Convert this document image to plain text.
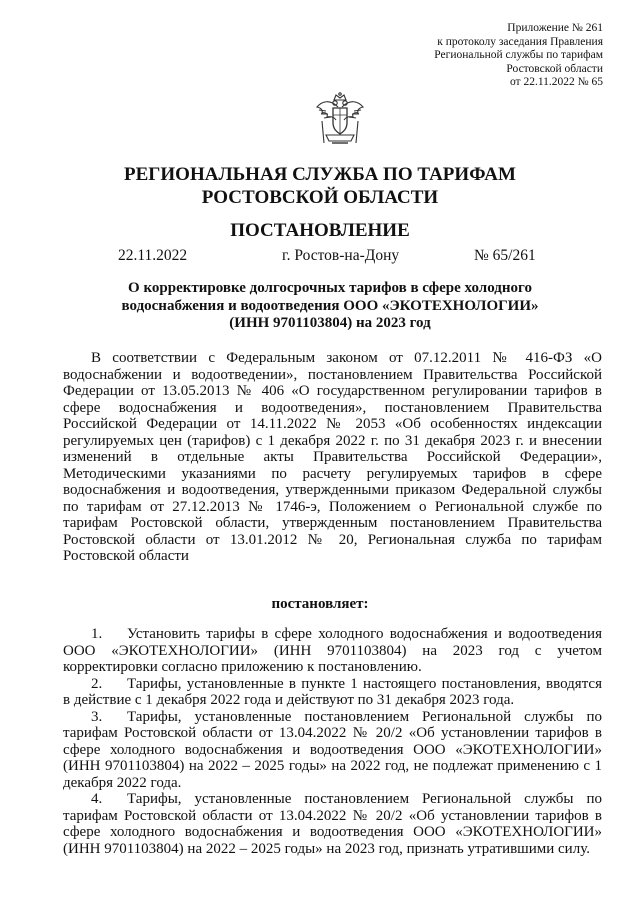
Приложение № 261
к протоколу заседания Правления
Региональной службы по тарифам
Ростовской области
от 22.11.2022 № 65
РЕГИОНАЛЬНАЯ СЛУЖБА ПО ТАРИФАМ
РОСТОВСКОЙ ОБЛАСТИ
ПОСТАНОВЛЕНИЕ
22.11.2022	г. Ростов-на-Дону	№ 65/261
О корректировке долгосрочных тарифов в сфере холодного
водоснабжения и водоотведения ООО «ЭКОТЕХНОЛОГИИ»
(ИНН 9701103804) на 2023 год

В соответствии с Федеральным законом от 07.12.2011 № 416-ФЗ «О водоснабжении и водоотведении», постановлением Правительства Российской Федерации от 13.05.2013 № 406 «О государственном регулировании тарифов в сфере водоснабжения и водоотведения», постановлением Правительства Российской Федерации от 14.11.2022 № 2053 «Об особенностях индексации регулируемых цен (тарифов) с 1 декабря 2022 г. по 31 декабря 2023 г. и внесении изменений в отдельные акты Правительства Российской Федерации», Методическими указаниями по расчету регулируемых тарифов в сфере водоснабжения и водоотведения, утвержденными приказом Федеральной службы по тарифам от 27.12.2013 № 1746-э, Положением о Региональной службе по тарифам Ростовской области, утвержденным постановлением Правительства Ростовской области от 13.01.2012 № 20, Региональная служба по тарифам Ростовской области

постановляет:

1. Установить тарифы в сфере холодного водоснабжения и водоотведения ООО «ЭКОТЕХНОЛОГИИ» (ИНН 9701103804) на 2023 год с учетом корректировки согласно приложению к постановлению.

2. Тарифы, установленные в пункте 1 настоящего постановления, вводятся в действие с 1 декабря 2022 года и действуют по 31 декабря 2023 года.

3. Тарифы, установленные постановлением Региональной службы по тарифам Ростовской области от 13.04.2022 № 20/2 «Об установлении тарифов в сфере холодного водоснабжения и водоотведения ООО «ЭКОТЕХНОЛОГИИ» (ИНН 9701103804) на 2022 – 2025 годы» на 2022 год, не подлежат применению с 1 декабря 2022 года.

4. Тарифы, установленные постановлением Региональной службы по тарифам Ростовской области от 13.04.2022 № 20/2 «Об установлении тарифов в сфере холодного водоснабжения и водоотведения ООО «ЭКОТЕХНОЛОГИИ» (ИНН 9701103804) на 2022 – 2025 годы» на 2023 год, признать утратившими силу.
